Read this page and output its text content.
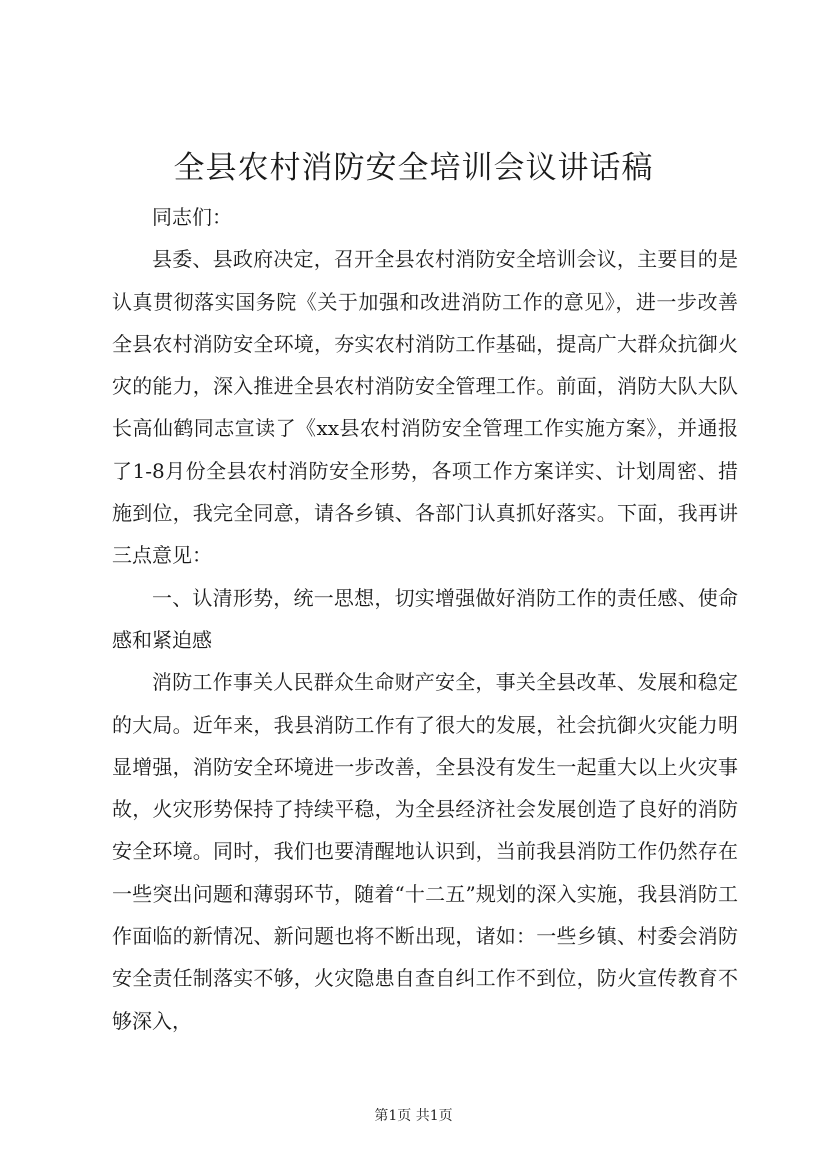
全县农村消防安全培训会议讲话稿

同志们：

县委、县政府决定，召开全县农村消防安全培训会议，主要目的是认真贯彻落实国务院《关于加强和改进消防工作的意见》，进一步改善全县农村消防安全环境，夯实农村消防工作基础，提高广大群众抗御火灾的能力，深入推进全县农村消防安全管理工作。前面，消防大队大队长高仙鹤同志宣读了《xx县农村消防安全管理工作实施方案》，并通报了1-8月份全县农村消防安全形势，各项工作方案详实、计划周密、措施到位，我完全同意，请各乡镇、各部门认真抓好落实。下面，我再讲三点意见：

一、认清形势，统一思想，切实增强做好消防工作的责任感、使命感和紧迫感

消防工作事关人民群众生命财产安全，事关全县改革、发展和稳定的大局。近年来，我县消防工作有了很大的发展，社会抗御火灾能力明显增强，消防安全环境进一步改善，全县没有发生一起重大以上火灾事故，火灾形势保持了持续平稳，为全县经济社会发展创造了良好的消防安全环境。同时，我们也要清醒地认识到，当前我县消防工作仍然存在一些突出问题和薄弱环节，随着“十二五”规划的深入实施，我县消防工作面临的新情况、新问题也将不断出现，诸如：一些乡镇、村委会消防安全责任制落实不够，火灾隐患自查自纠工作不到位，防火宣传教育不够深入，

第1页 共1页
